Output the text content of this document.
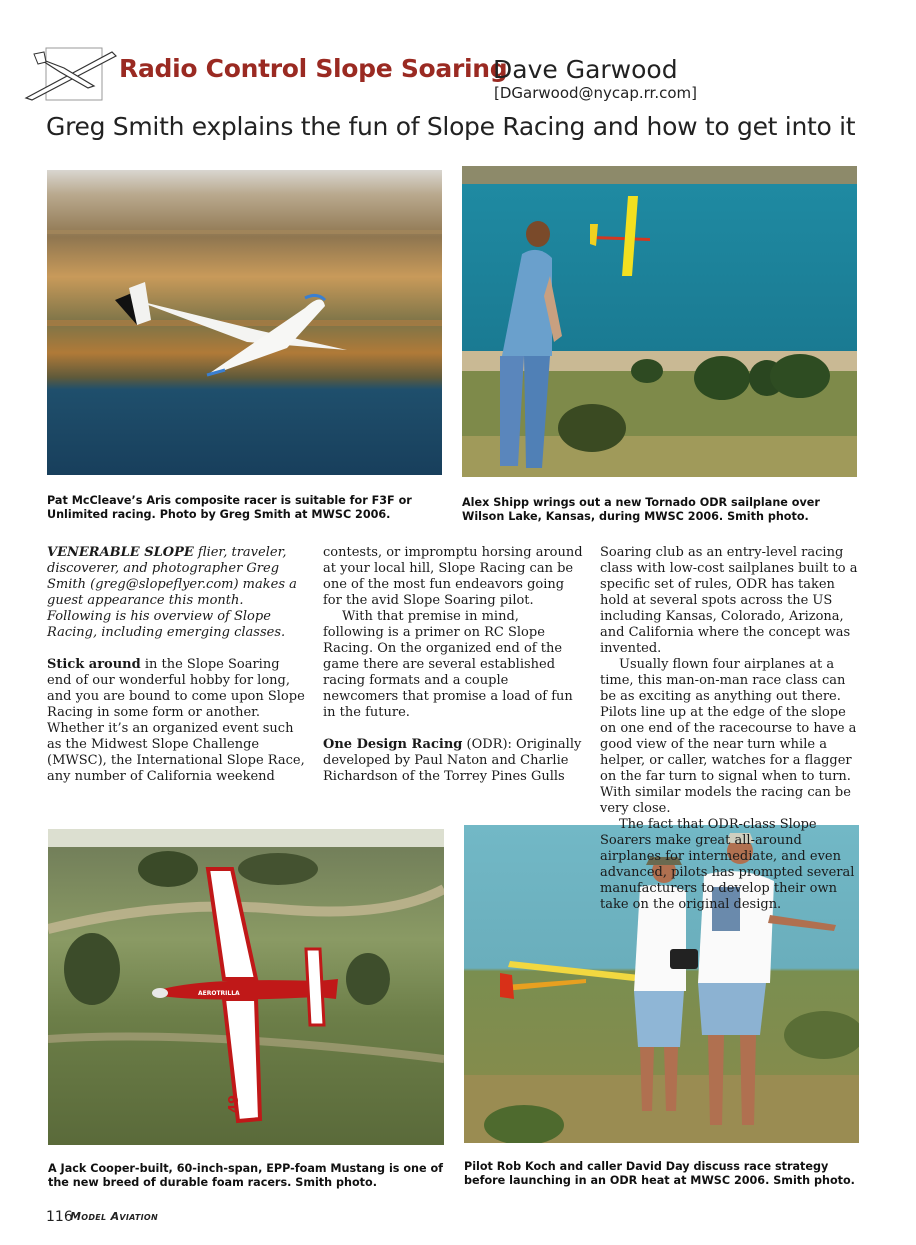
Radio Control Slope Soaring
Dave Garwood
[DGarwood@nycap.rr.com]
Greg Smith explains the fun of Slope Racing and how to get into it
49
AEROTRILLA
Pat McCleave’s Aris composite racer is suitable for F3F or Unlimited racing. Photo by Greg Smith at MWSC 2006.
Alex Shipp wrings out a new Tornado ODR sailplane over Wilson Lake, Kansas, during MWSC 2006. Smith photo.
A Jack Cooper-built, 60-inch-span, EPP-foam Mustang is one of the new breed of durable foam racers. Smith photo.
Pilot Rob Koch and caller David Day discuss race strategy before launching in an ODR heat at MWSC 2006. Smith photo.

VENERABLE SLOPE flier, traveler, discoverer, and photographer Greg Smith (greg@slopeflyer.com) makes a guest appearance this month. Following is his overview of Slope Racing, including emerging classes.

Stick around in the Slope Soaring end of our wonderful hobby for long, and you are bound to come upon Slope Racing in some form or another. Whether it’s an organized event such as the Midwest Slope Challenge (MWSC), the International Slope Race, any number of California weekend

Soaring club as an entry-level racing class with low-cost sailplanes built to a specific set of rules, ODR has taken hold at several spots across the US including Kansas, Colorado, Arizona, and California where the concept was invented.

Usually flown four airplanes at a time, this man-on-man race class can be as exciting as anything out there. Pilots line up at the edge of the slope on one end of the racecourse to have a good view of the near turn while a helper, or caller, watches for a flagger on the far turn to signal when to turn. With similar models the racing can be very close.

The fact that ODR-class Slope Soarers make great all-around airplanes for intermediate, and even advanced, pilots has prompted several manufacturers to develop their own take on the original design.

contests, or impromptu horsing around at your local hill, Slope Racing can be one of the most fun endeavors going for the avid Slope Soaring pilot.

With that premise in mind, following is a primer on RC Slope Racing. On the organized end of the game there are several established racing formats and a couple newcomers that promise a load of fun in the future.

One Design Racing (ODR): Originally developed by Paul Naton and Charlie Richardson of the Torrey Pines Gulls

116
Model Aviation
